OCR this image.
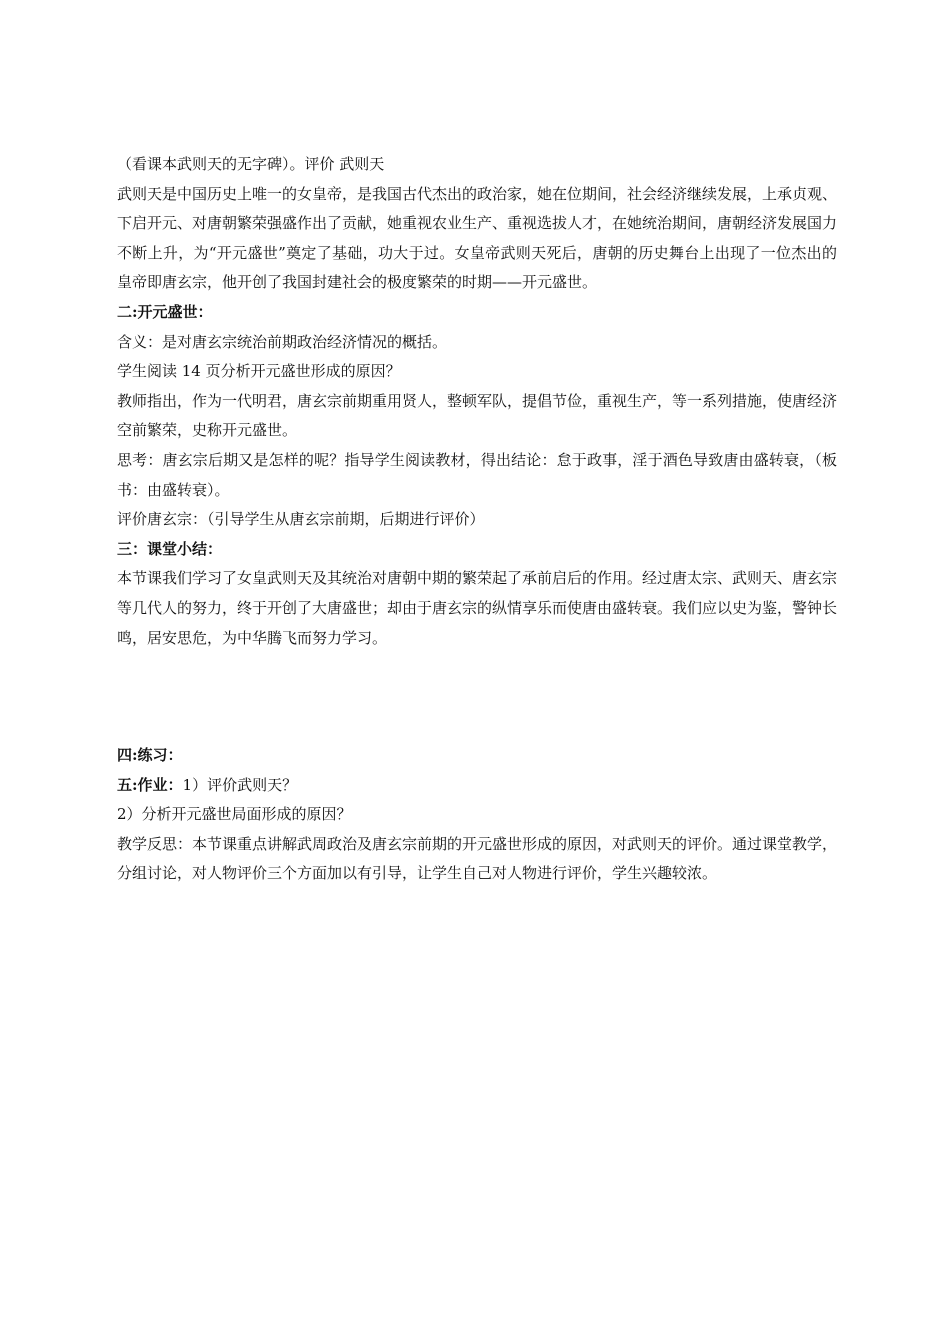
（看课本武则天的无字碑）。评价 武则天

武则天是中国历史上唯一的女皇帝，是我国古代杰出的政治家，她在位期间，社会经济继续发展，上承贞观、下启开元、对唐朝繁荣强盛作出了贡献，她重视农业生产、重视选拔人才，在她统治期间，唐朝经济发展国力不断上升，为“开元盛世”奠定了基础，功大于过。女皇帝武则天死后，唐朝的历史舞台上出现了一位杰出的皇帝即唐玄宗，他开创了我国封建社会的极度繁荣的时期——开元盛世。

二:开元盛世：

含义：是对唐玄宗统治前期政治经济情况的概括。

学生阅读 14 页分析开元盛世形成的原因？

教师指出，作为一代明君，唐玄宗前期重用贤人，整顿军队，提倡节俭，重视生产，等一系列措施，使唐经济空前繁荣，史称开元盛世。

思考：唐玄宗后期又是怎样的呢？指导学生阅读教材，得出结论：怠于政事，淫于酒色导致唐由盛转衰，（板书：由盛转衰）。

评价唐玄宗：（引导学生从唐玄宗前期，后期进行评价）

三：课堂小结：

本节课我们学习了女皇武则天及其统治对唐朝中期的繁荣起了承前启后的作用。经过唐太宗、武则天、唐玄宗等几代人的努力，终于开创了大唐盛世；却由于唐玄宗的纵情享乐而使唐由盛转衰。我们应以史为鉴，警钟长鸣，居安思危，为中华腾飞而努力学习。

四:练习：

五:作业：1）评价武则天？

2）分析开元盛世局面形成的原因？

教学反思：本节课重点讲解武周政治及唐玄宗前期的开元盛世形成的原因，对武则天的评价。通过课堂教学，分组讨论，对人物评价三个方面加以有引导，让学生自己对人物进行评价，学生兴趣较浓。
